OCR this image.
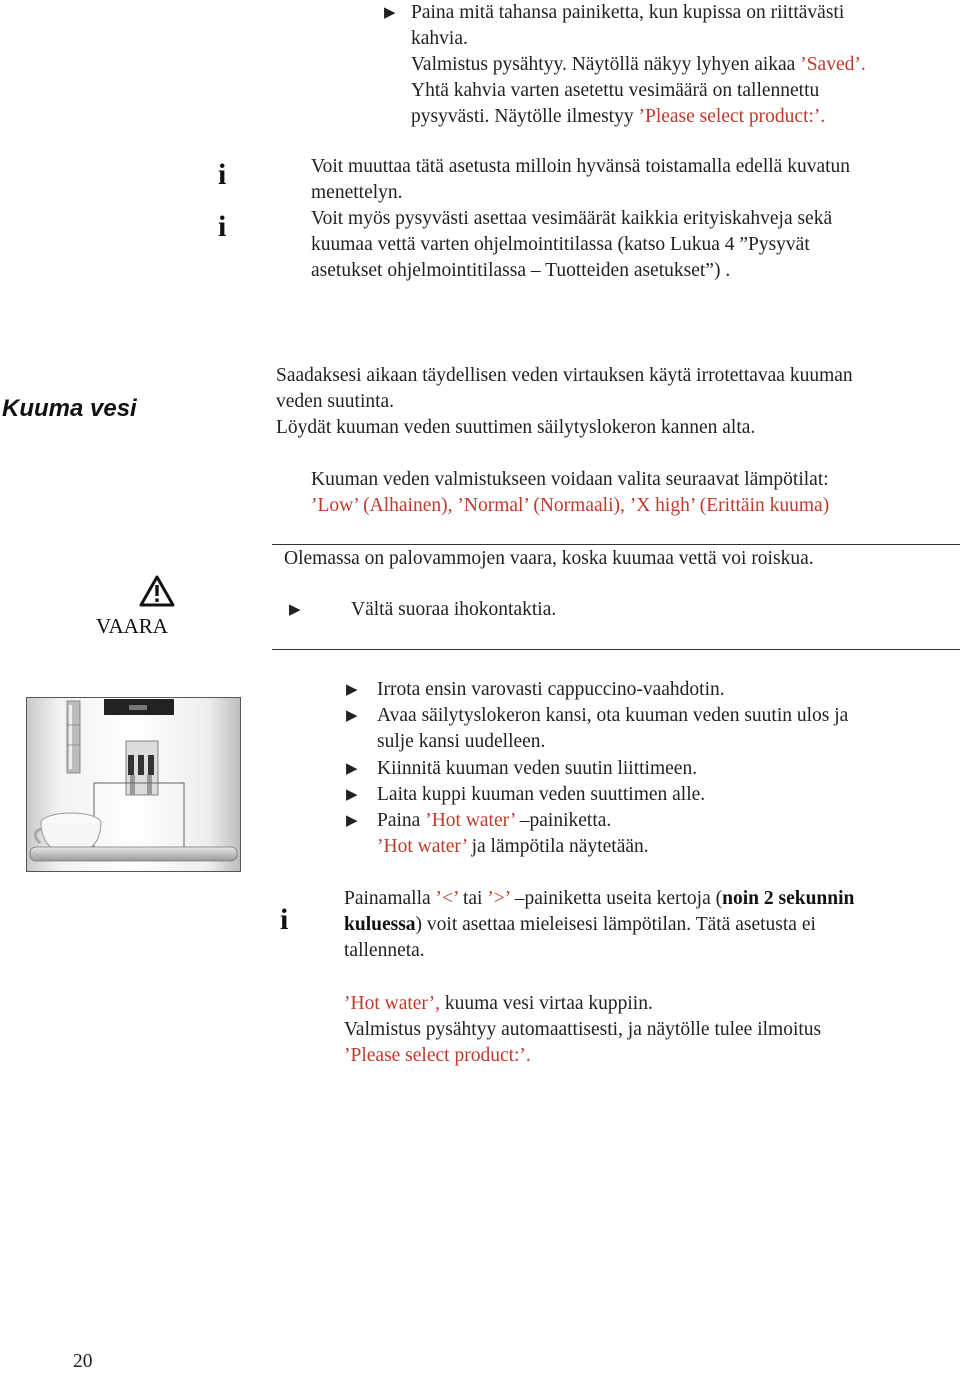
▶ Paina mitä tahansa painiketta, kun kupissa on riittävästi
kahvia.
Valmistus pysähtyy. Näytöllä näkyy lyhyen aikaa ’Saved’.
Yhtä kahvia varten asetettu vesimäärä on tallennettu
pysyvästi. Näytölle ilmestyy ’Please select product:’.
i
i
Voit muuttaa tätä asetusta milloin hyvänsä toistamalla edellä kuvatun
menettelyn.
Voit myös pysyvästi asettaa vesimäärät kaikkia erityiskahveja sekä
kuumaa vettä varten ohjelmointitilassa (katso Lukua 4 ”Pysyvät
asetukset ohjelmointitilassa – Tuotteiden asetukset”) .
Kuuma vesi
Saadaksesi aikaan täydellisen veden virtauksen käytä irrotettavaa kuuman
veden suutinta.
Löydät kuuman veden suuttimen säilytyslokeron kannen alta.
Kuuman veden valmistukseen voidaan valita seuraavat lämpötilat:
’Low’ (Alhainen), ’Normal’ (Normaali), ’X high’ (Erittäin kuuma)
VAARA
Olemassa on palovammojen vaara, koska kuumaa vettä voi roiskua.
▶	Vältä suoraa ihokontaktia.
▶ Irrota ensin varovasti cappuccino-vaahdotin.
▶ Avaa säilytyslokeron kansi, ota kuuman veden suutin ulos ja
sulje kansi uudelleen.
▶ Kiinnitä kuuman veden suutin liittimeen.
▶ Laita kuppi kuuman veden suuttimen alle.
▶ Paina ’Hot water’ –painiketta.
’Hot water’ ja lämpötila näytetään.
i
Painamalla ’<’ tai ’>’ –painiketta useita kertoja (noin 2 sekunnin
kuluessa) voit asettaa mieleisesi lämpötilan. Tätä asetusta ei
tallenneta.
’Hot water’, kuuma vesi virtaa kuppiin.
Valmistus pysähtyy automaattisesti, ja näytölle tulee ilmoitus
’Please select product:’.
20
